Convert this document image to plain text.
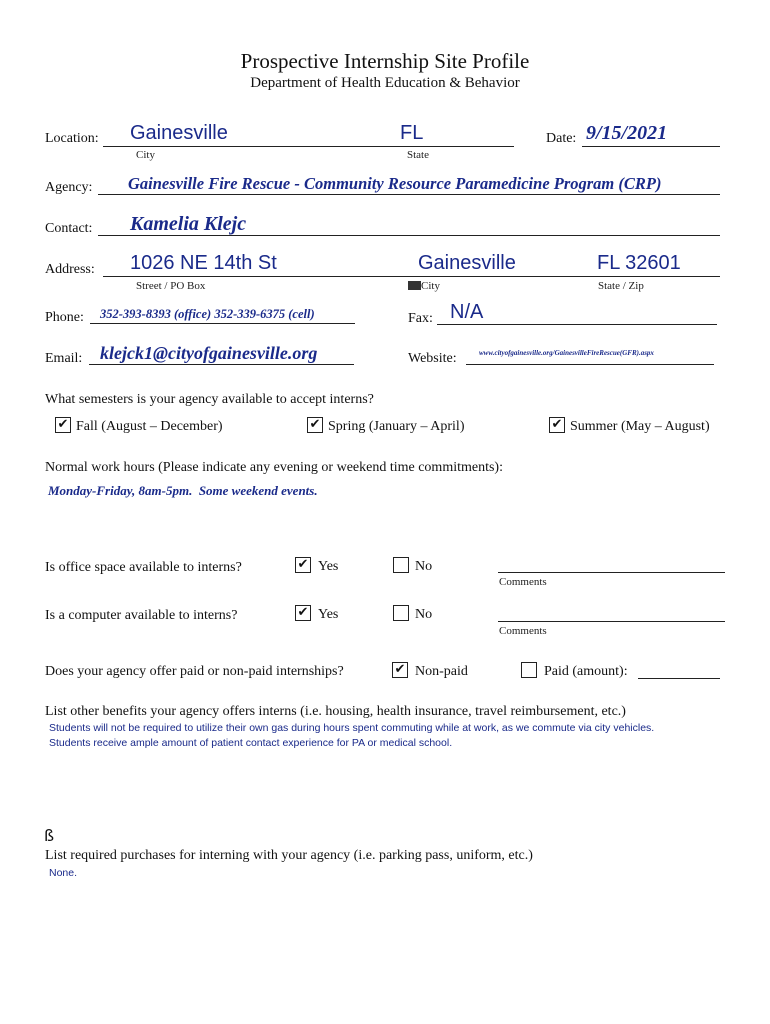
Prospective Internship Site Profile
Department of Health Education & Behavior
Location: Gainesville	FL
City	State
Date: 9/15/2021
Agency: Gainesville Fire Rescue - Community Resource Paramedicine Program (CRP)
Contact: Kamelia Klejc
Address: 1026 NE 14th St	Gainesville	FL 32601
Street / PO Box	City	State / Zip
Phone: 352-393-8393 (office) 352-339-6375 (cell)	Fax: N/A
Email: klejck1@cityofgainesville.org	Website:	www.cityofgainesville.org/GainesvilleFireRescue(GFR).aspx
What semesters is your agency available to accept interns?
✔ Fall (August – December)	✔ Spring (January – April)	✔ Summer (May – August)
Normal work hours (Please indicate any evening or weekend time commitments):
Monday-Friday, 8am-5pm.  Some weekend events.
Is office space available to interns?	✔ Yes	No
Comments
Is a computer available to interns?	✔ Yes	No
Comments
Does your agency offer paid or non-paid internships?	✔ Non-paid	Paid (amount):
List other benefits your agency offers interns (i.e. housing, health insurance, travel reimbursement, etc.)
Students will not be required to utilize their own gas during hours spent commuting while at work, as we commute via city vehicles.
Students receive ample amount of patient contact experience for PA or medical school.
ß
List required purchases for interning with your agency (i.e. parking pass, uniform, etc.)
None.
